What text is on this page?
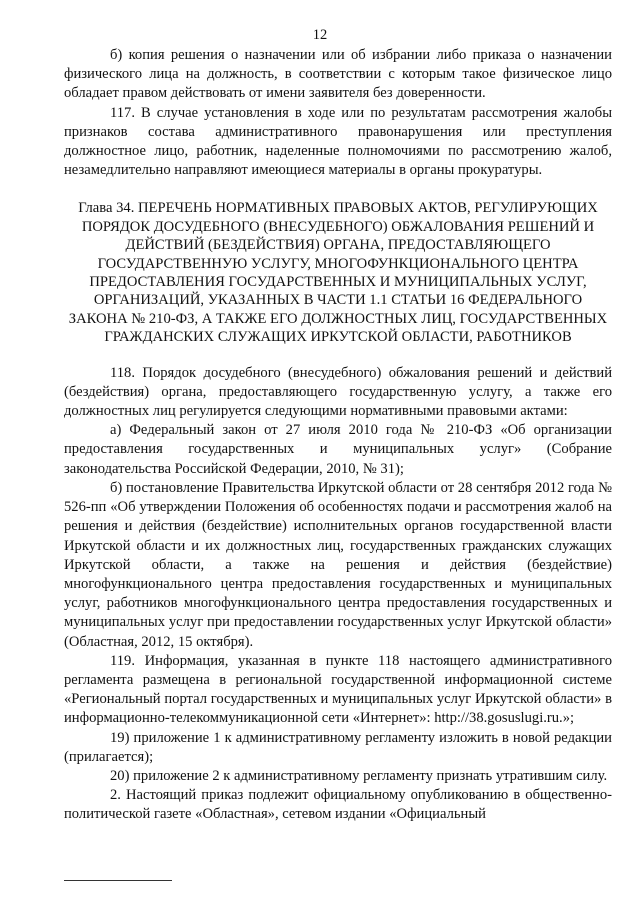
12

б) копия решения о назначении или об избрании либо приказа о назначении физического лица на должность, в соответствии с которым такое физическое лицо обладает правом действовать от имени заявителя без доверенности.

117. В случае установления в ходе или по результатам рассмотрения жалобы признаков состава административного правонарушения или преступления должностное лицо, работник, наделенные полномочиями по рассмотрению жалоб, незамедлительно направляют имеющиеся материалы в органы прокуратуры.

Глава 34. ПЕРЕЧЕНЬ НОРМАТИВНЫХ ПРАВОВЫХ АКТОВ, РЕГУЛИРУЮЩИХ ПОРЯДОК ДОСУДЕБНОГО (ВНЕСУДЕБНОГО) ОБЖАЛОВАНИЯ РЕШЕНИЙ И ДЕЙСТВИЙ (БЕЗДЕЙСТВИЯ) ОРГАНА, ПРЕДОСТАВЛЯЮЩЕГО ГОСУДАРСТВЕННУЮ УСЛУГУ, МНОГОФУНКЦИОНАЛЬНОГО ЦЕНТРА ПРЕДОСТАВЛЕНИЯ ГОСУДАРСТВЕННЫХ И МУНИЦИПАЛЬНЫХ УСЛУГ, ОРГАНИЗАЦИЙ, УКАЗАННЫХ В ЧАСТИ 1.1 СТАТЬИ 16 ФЕДЕРАЛЬНОГО ЗАКОНА № 210-ФЗ, А ТАКЖЕ ЕГО ДОЛЖНОСТНЫХ ЛИЦ, ГОСУДАРСТВЕННЫХ ГРАЖДАНСКИХ СЛУЖАЩИХ ИРКУТСКОЙ ОБЛАСТИ, РАБОТНИКОВ

118. Порядок досудебного (внесудебного) обжалования решений и действий (бездействия) органа, предоставляющего государственную услугу, а также его должностных лиц регулируется следующими нормативными правовыми актами:

а) Федеральный закон от 27 июля 2010 года № 210-ФЗ «Об организации предоставления государственных и муниципальных услуг» (Собрание законодательства Российской Федерации, 2010, № 31);

б) постановление Правительства Иркутской области от 28 сентября 2012 года № 526-пп «Об утверждении Положения об особенностях подачи и рассмотрения жалоб на решения и действия (бездействие) исполнительных органов государственной власти Иркутской области и их должностных лиц, государственных гражданских служащих Иркутской области, а также на решения и действия (бездействие) многофункционального центра предоставления государственных и муниципальных услуг, работников многофункционального центра предоставления государственных и муниципальных услуг при предоставлении государственных услуг Иркутской области» (Областная, 2012, 15 октября).

119. Информация, указанная в пункте 118 настоящего административного регламента размещена в региональной государственной информационной системе «Региональный портал государственных и муниципальных услуг Иркутской области» в информационно-телекоммуникационной сети «Интернет»: http://38.gosuslugi.ru.»;

19) приложение 1 к административному регламенту изложить в новой редакции (прилагается);

20) приложение 2 к административному регламенту признать утратившим силу.

2. Настоящий приказ подлежит официальному опубликованию в общественно-политической газете «Областная», сетевом издании «Официальный
